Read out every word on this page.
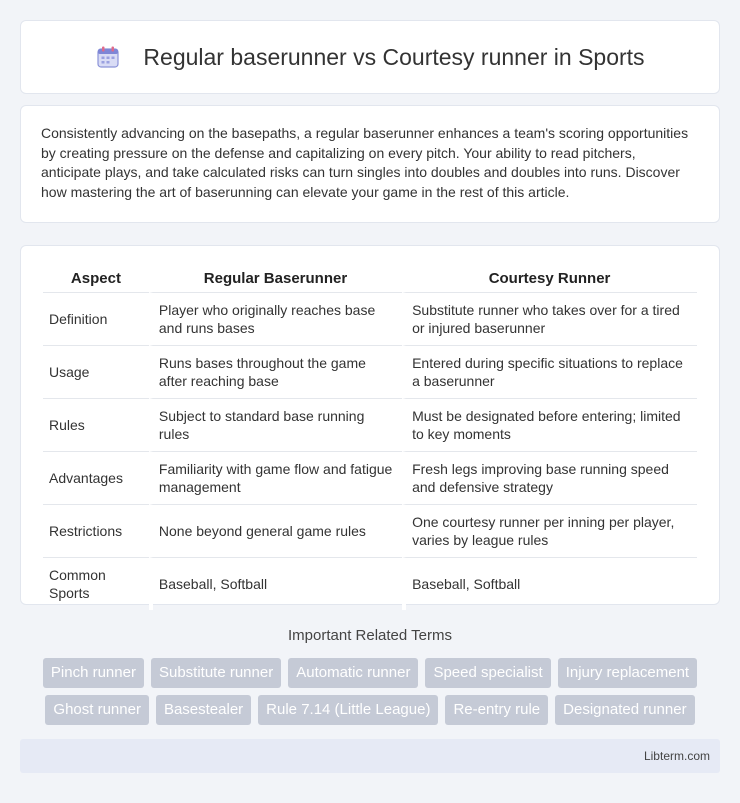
Regular baserunner vs Courtesy runner in Sports

Consistently advancing on the basepaths, a regular baserunner enhances a team's scoring opportunities by creating pressure on the defense and capitalizing on every pitch. Your ability to read pitchers, anticipate plays, and take calculated risks can turn singles into doubles and doubles into runs. Discover how mastering the art of baserunning can elevate your game in the rest of this article.

Aspect	Regular Baserunner	Courtesy Runner
Definition	Player who originally reaches base and runs bases	Substitute runner who takes over for a tired or injured baserunner
Usage	Runs bases throughout the game after reaching base	Entered during specific situations to replace a baserunner
Rules	Subject to standard base running rules	Must be designated before entering; limited to key moments
Advantages	Familiarity with game flow and fatigue management	Fresh legs improving base running speed and defensive strategy
Restrictions	None beyond general game rules	One courtesy runner per inning per player, varies by league rules
Common Sports	Baseball, Softball	Baseball, Softball
Important Related Terms
Pinch runner	Substitute runner	Automatic runner	Speed specialist	Injury replacement
Ghost runner	Basestealer	Rule 7.14 (Little League)	Re-entry rule	Designated runner
Libterm.com
